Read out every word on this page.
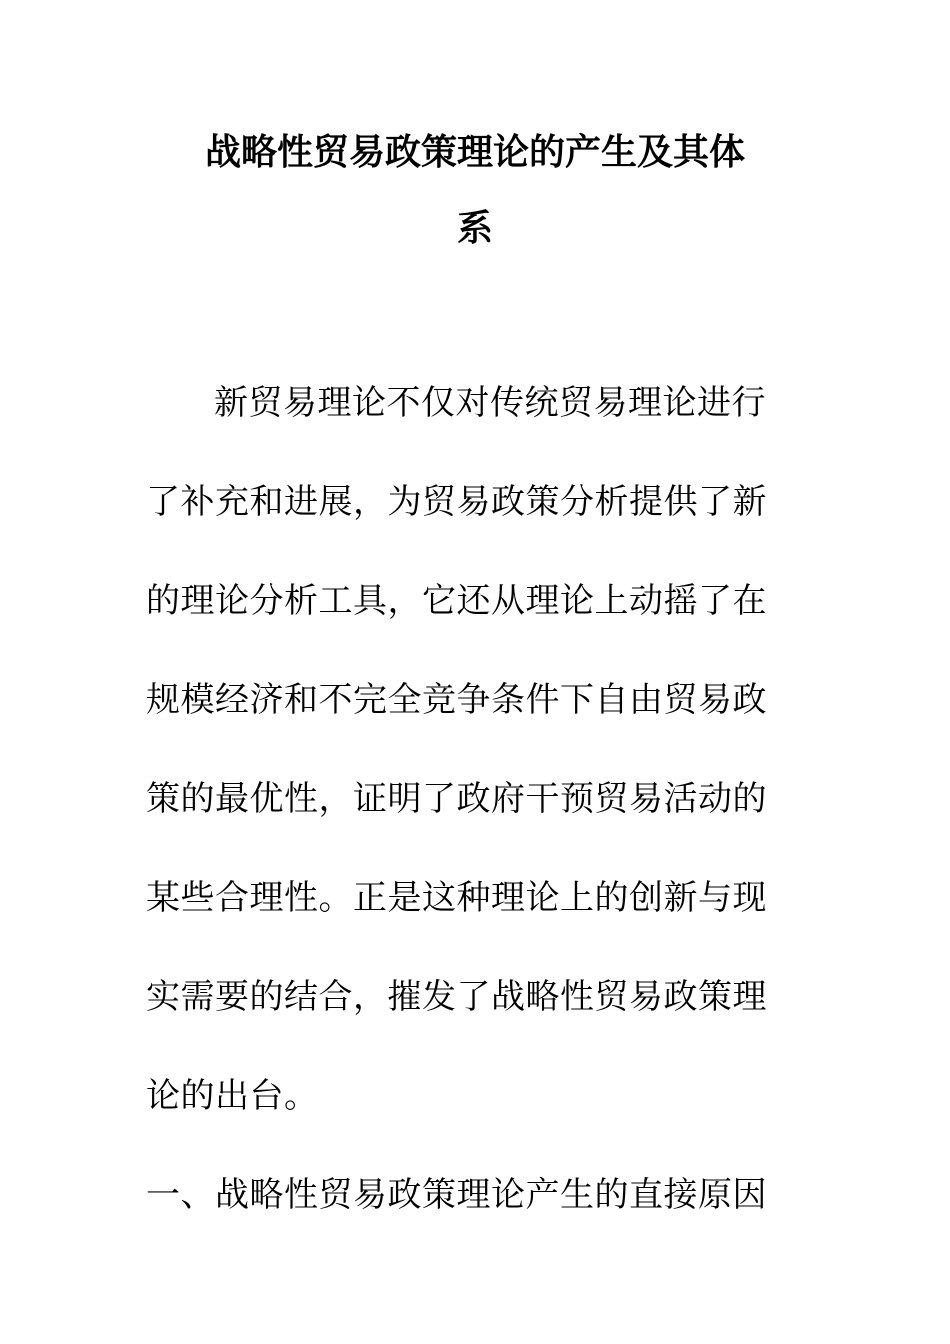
战略性贸易政策理论的产生及其体
系
新贸易理论不仅对传统贸易理论进行
了补充和进展，为贸易政策分析提供了新
的理论分析工具，它还从理论上动摇了在
规模经济和不完全竞争条件下自由贸易政
策的最优性，证明了政府干预贸易活动的
某些合理性。正是这种理论上的创新与现
实需要的结合，摧发了战略性贸易政策理
论的出台。
一、战略性贸易政策理论产生的直接原因
